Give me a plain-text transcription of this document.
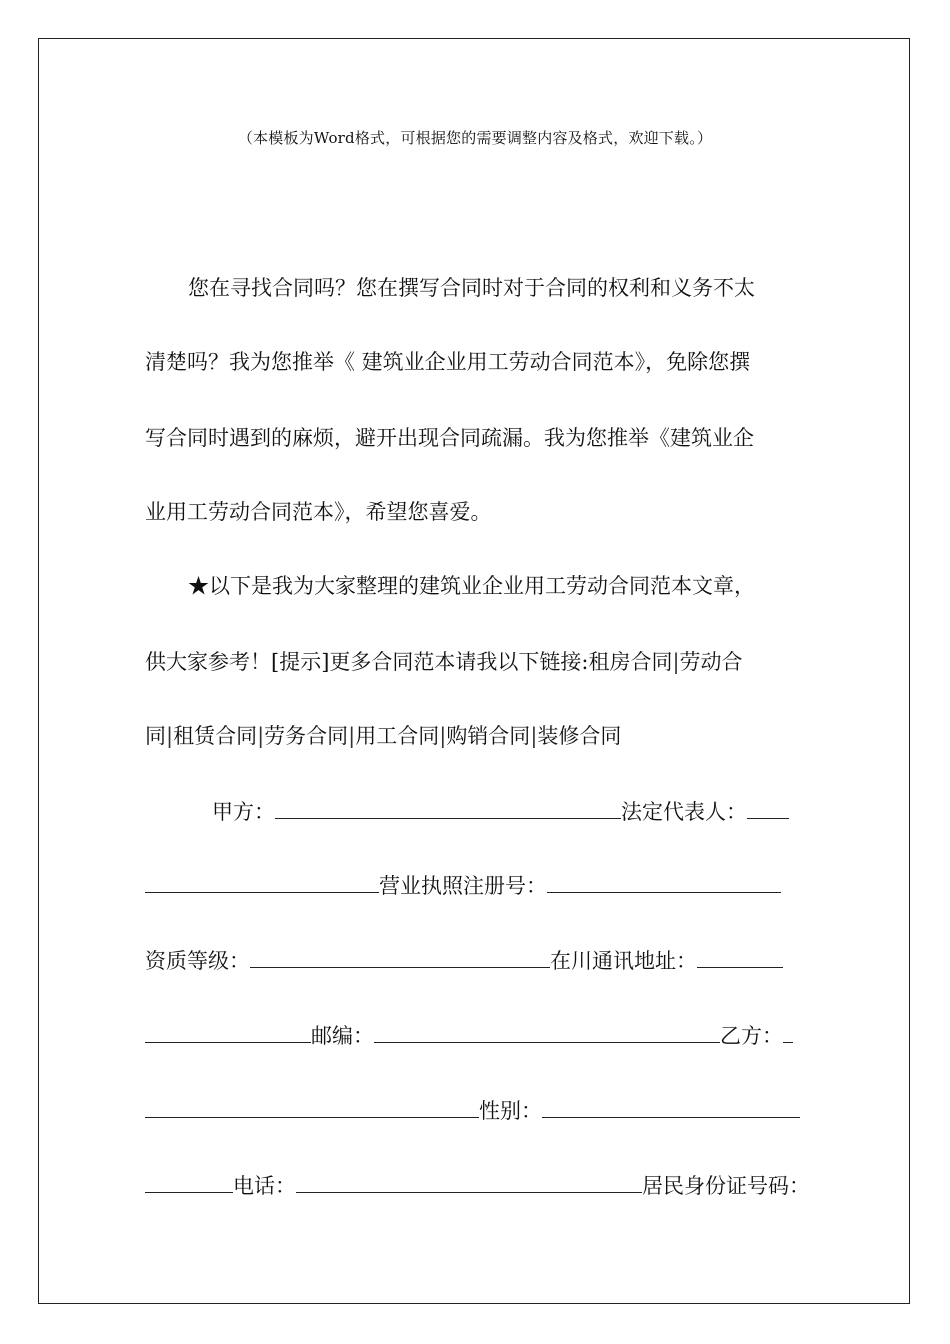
（本模板为Word格式，可根据您的需要调整内容及格式，欢迎下载。）
您在寻找合同吗？您在撰写合同时对于合同的权利和义务不太
清楚吗？我为您推举《 建筑业企业用工劳动合同范本》，免除您撰
写合同时遇到的麻烦，避开出现合同疏漏。我为您推举《建筑业企
业用工劳动合同范本》，希望您喜爱。
★以下是我为大家整理的建筑业企业用工劳动合同范本文章，
供大家参考！[提示]更多合同范本请我以下链接:租房合同|劳动合
同|租赁合同|劳务合同|用工合同|购销合同|装修合同
甲方：	法定代表人：
营业执照注册号：
资质等级：	在川通讯地址：
邮编：	乙方：
性别：
电话：	居民身份证号码：
